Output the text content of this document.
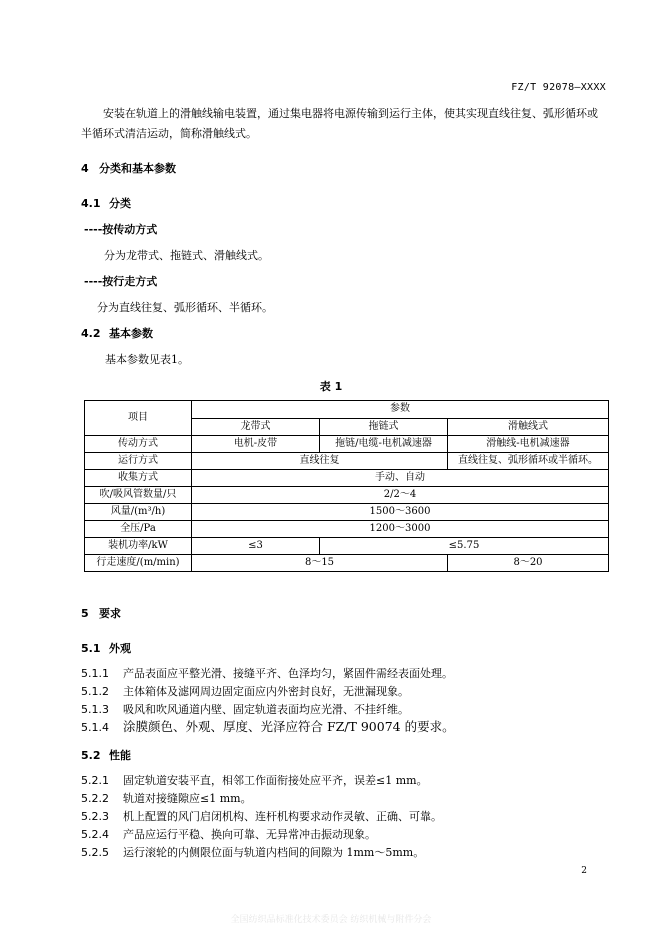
FZ/T 92078—XXXX
安装在轨道上的滑触线输电装置，通过集电器将电源传输到运行主体，使其实现直线往复、弧形循环或半循环式清洁运动，简称滑触线式。
4 分类和基本参数
4.1 分类
----按传动方式
分为龙带式、拖链式、滑触线式。
----按行走方式
分为直线往复、弧形循环、半循环。
4.2 基本参数
基本参数见表1。
表 1
项目	参数		
	龙带式	拖链式	滑触线式
传动方式	电机-皮带	拖链/电缆-电机减速器	滑触线-电机减速器
运行方式	直线往复		直线往复、弧形循环或半循环。
收集方式	手动、自动		
吹/吸风管数量/只	2/2～4		
风量/(m³/h)	1500～3600		
全压/Pa	1200～3000		
装机功率/kW	≤3	≤5.75	
行走速度/(m/min)	8～15		8～20
5 要求
5.1 外观
5.1.1 产品表面应平整光滑、接缝平齐、色泽均匀，紧固件需经表面处理。
5.1.2 主体箱体及滤网周边固定面应内外密封良好，无泄漏现象。
5.1.3 吸风和吹风通道内壁、固定轨道表面均应光滑、不挂纤维。
5.1.4 涂膜颜色、外观、厚度、光泽应符合 FZ/T 90074 的要求。
5.2 性能
5.2.1 固定轨道安装平直，相邻工作面衔接处应平齐，误差≤1 mm。
5.2.2 轨道对接缝隙应≤1 mm。
5.2.3 机上配置的风门启闭机构、连杆机构要求动作灵敏、正确、可靠。
5.2.4 产品应运行平稳、换向可靠、无异常冲击振动现象。
5.2.5 运行滚轮的内侧限位面与轨道内档间的间隙为 1mm～5mm。
2
全国纺织品标准化技术委员会 纺织机械与附件分会
